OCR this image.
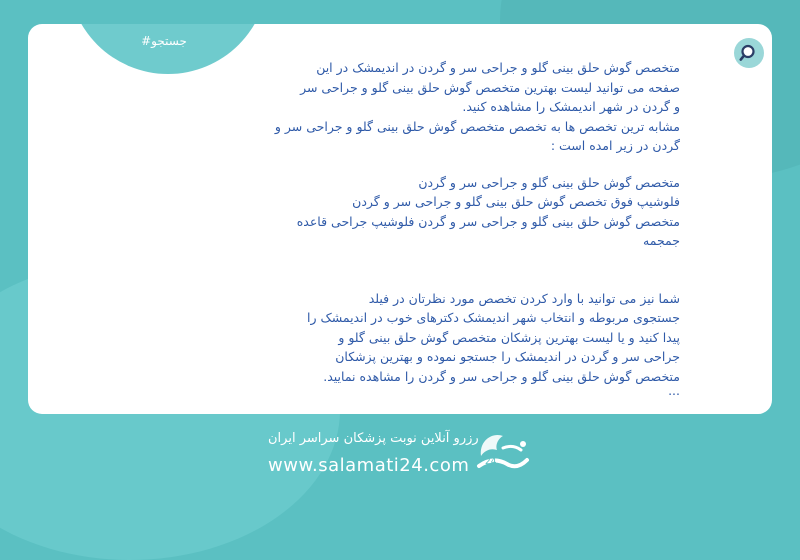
#جستجو

متخصص گوش حلق بینی گلو و جراحی سر و گردن در اندیمشک در این

صفحه می توانید لیست بهترین متخصص گوش حلق بینی گلو و جراحی سر

و گردن در شهر اندیمشک را مشاهده کنید.

مشابه ترین تخصص ها به تخصص متخصص گوش حلق بینی گلو و جراحی سر و

گردن در زیر امده است :

متخصص گوش حلق بینی گلو و جراحی سر و گردن

فلوشیپ فوق تخصص گوش حلق بینی گلو و جراحی سر و گردن

متخصص گوش حلق بینی گلو و جراحی سر و گردن فلوشیپ جراحی قاعده

جمجمه

شما نیز می توانید با وارد کردن تخصص مورد نظرتان در فیلد

جستجوی مربوطه و انتخاب شهر اندیمشک دکترهای خوب در اندیمشک را

پیدا کنید و یا لیست بهترین پزشکان متخصص گوش حلق بینی گلو و

جراحی سر و گردن در اندیمشک را جستجو نموده و بهترین پزشکان

متخصص گوش حلق بینی گلو و جراحی سر و گردن را مشاهده نمایید.

...

24
رزرو آنلاین نوبت پزشکان سراسر ایران
www.salamati24.com
